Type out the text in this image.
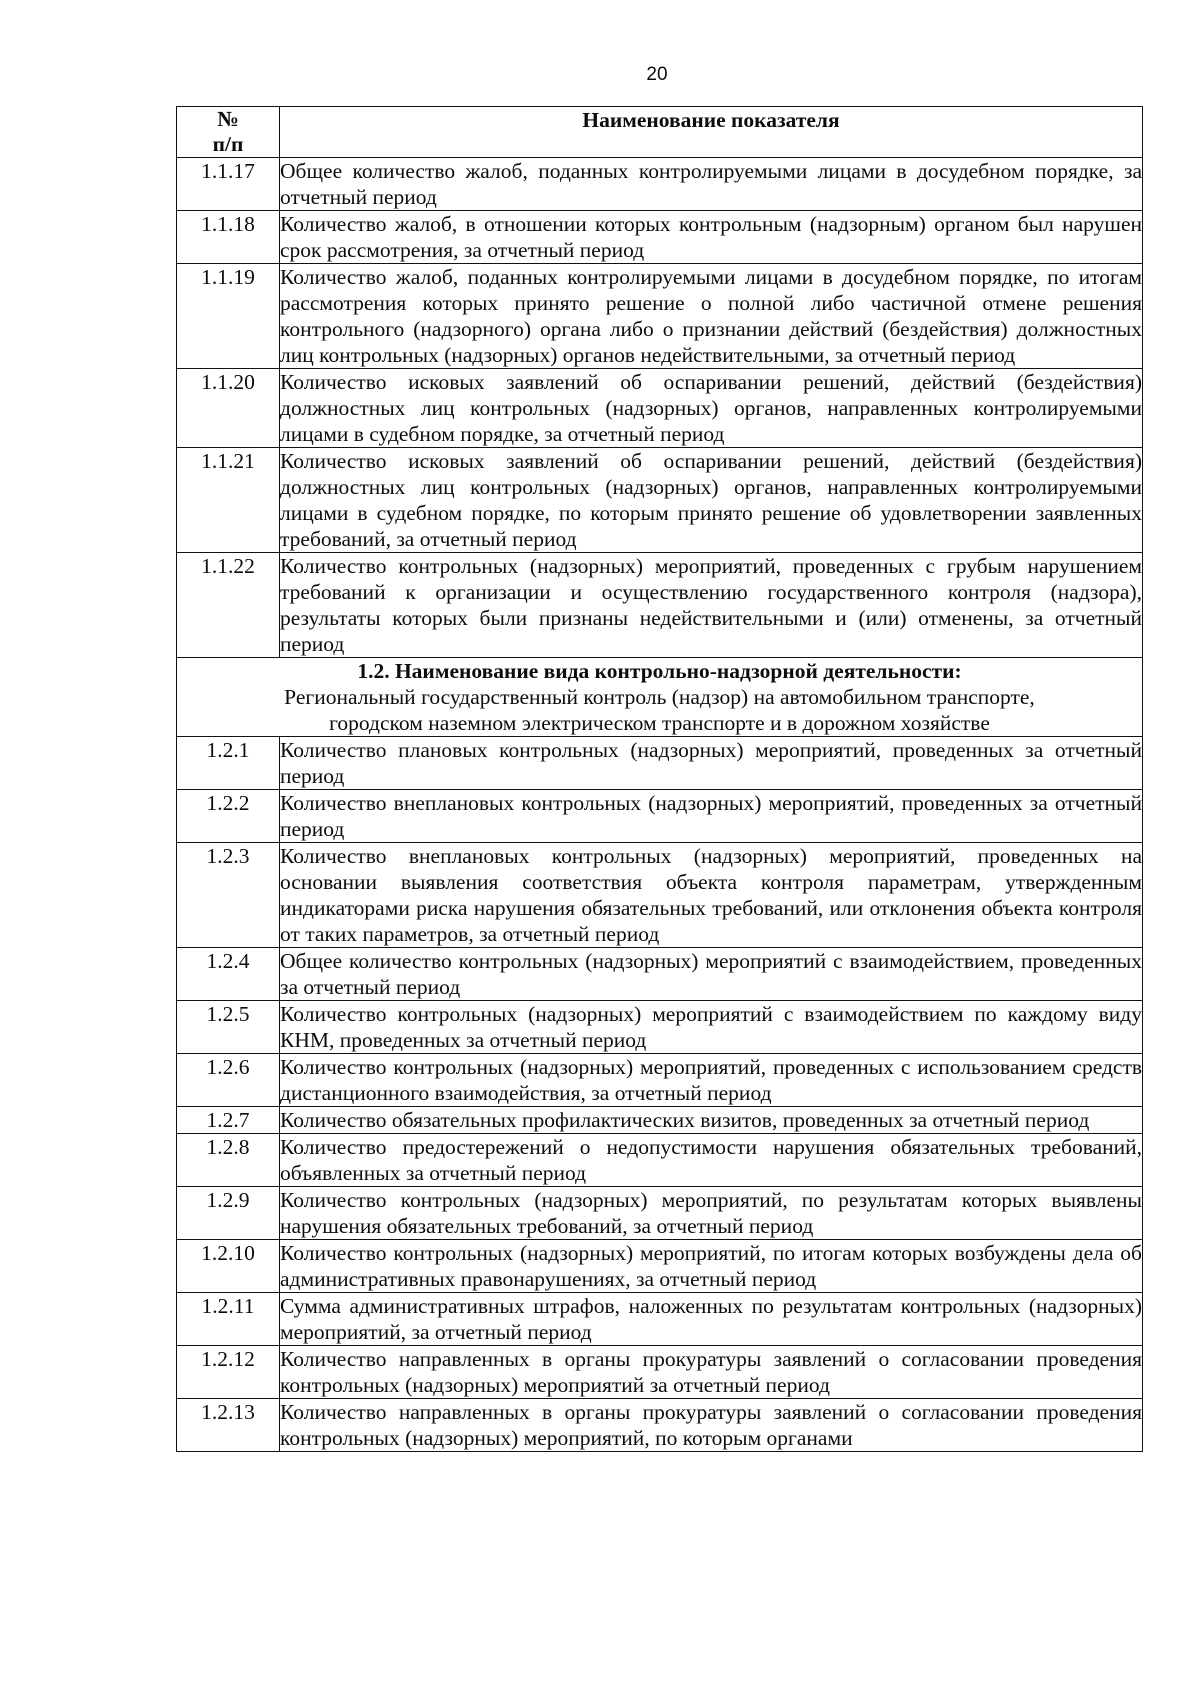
20
№
п/п	Наименование показателя
1.1.17	Общее количество жалоб, поданных контролируемыми лицами в досудебном порядке, за отчетный период
1.1.18	Количество жалоб, в отношении которых контрольным (надзорным) органом был нарушен срок рассмотрения, за отчетный период
1.1.19	Количество жалоб, поданных контролируемыми лицами в досудебном порядке, по итогам рассмотрения которых принято решение о полной либо частичной отмене решения контрольного (надзорного) органа либо о признании действий (бездействия) должностных лиц контрольных (надзорных) органов недействительными, за отчетный период
1.1.20	Количество исковых заявлений об оспаривании решений, действий (бездействия) должностных лиц контрольных (надзорных) органов, направленных контролируемыми лицами в судебном порядке, за отчетный период
1.1.21	Количество исковых заявлений об оспаривании решений, действий (бездействия) должностных лиц контрольных (надзорных) органов, направленных контролируемыми лицами в судебном порядке, по которым принято решение об удовлетворении заявленных требований, за отчетный период
1.1.22	Количество контрольных (надзорных) мероприятий, проведенных с грубым нарушением требований к организации и осуществлению государственного контроля (надзора), результаты которых были признаны недействительными и (или) отменены, за отчетный период

1.2. Наименование вида контрольно-надзорной деятельности:
Региональный государственный контроль (надзор) на автомобильном транспорте,
городском наземном электрическом транспорте и в дорожном хозяйстве	

1.2.1	Количество плановых контрольных (надзорных) мероприятий, проведенных за отчетный период
1.2.2	Количество внеплановых контрольных (надзорных) мероприятий, проведенных за отчетный период
1.2.3	Количество внеплановых контрольных (надзорных) мероприятий, проведенных на основании выявления соответствия объекта контроля параметрам, утвержденным индикаторами риска нарушения обязательных требований, или отклонения объекта контроля от таких параметров, за отчетный период
1.2.4	Общее количество контрольных (надзорных) мероприятий с взаимодействием, проведенных за отчетный период
1.2.5	Количество контрольных (надзорных) мероприятий с взаимодействием по каждому виду КНМ, проведенных за отчетный период
1.2.6	Количество контрольных (надзорных) мероприятий, проведенных с использованием средств дистанционного взаимодействия, за отчетный период
1.2.7	Количество обязательных профилактических визитов, проведенных за отчетный период
1.2.8	Количество предостережений о недопустимости нарушения обязательных требований, объявленных за отчетный период
1.2.9	Количество контрольных (надзорных) мероприятий, по результатам которых выявлены нарушения обязательных требований, за отчетный период
1.2.10	Количество контрольных (надзорных) мероприятий, по итогам которых возбуждены дела об административных правонарушениях, за отчетный период
1.2.11	Сумма административных штрафов, наложенных по результатам контрольных (надзорных) мероприятий, за отчетный период
1.2.12	Количество направленных в органы прокуратуры заявлений о согласовании проведения контрольных (надзорных) мероприятий за отчетный период
1.2.13	Количество направленных в органы прокуратуры заявлений о согласовании проведения контрольных (надзорных) мероприятий, по которым органами
